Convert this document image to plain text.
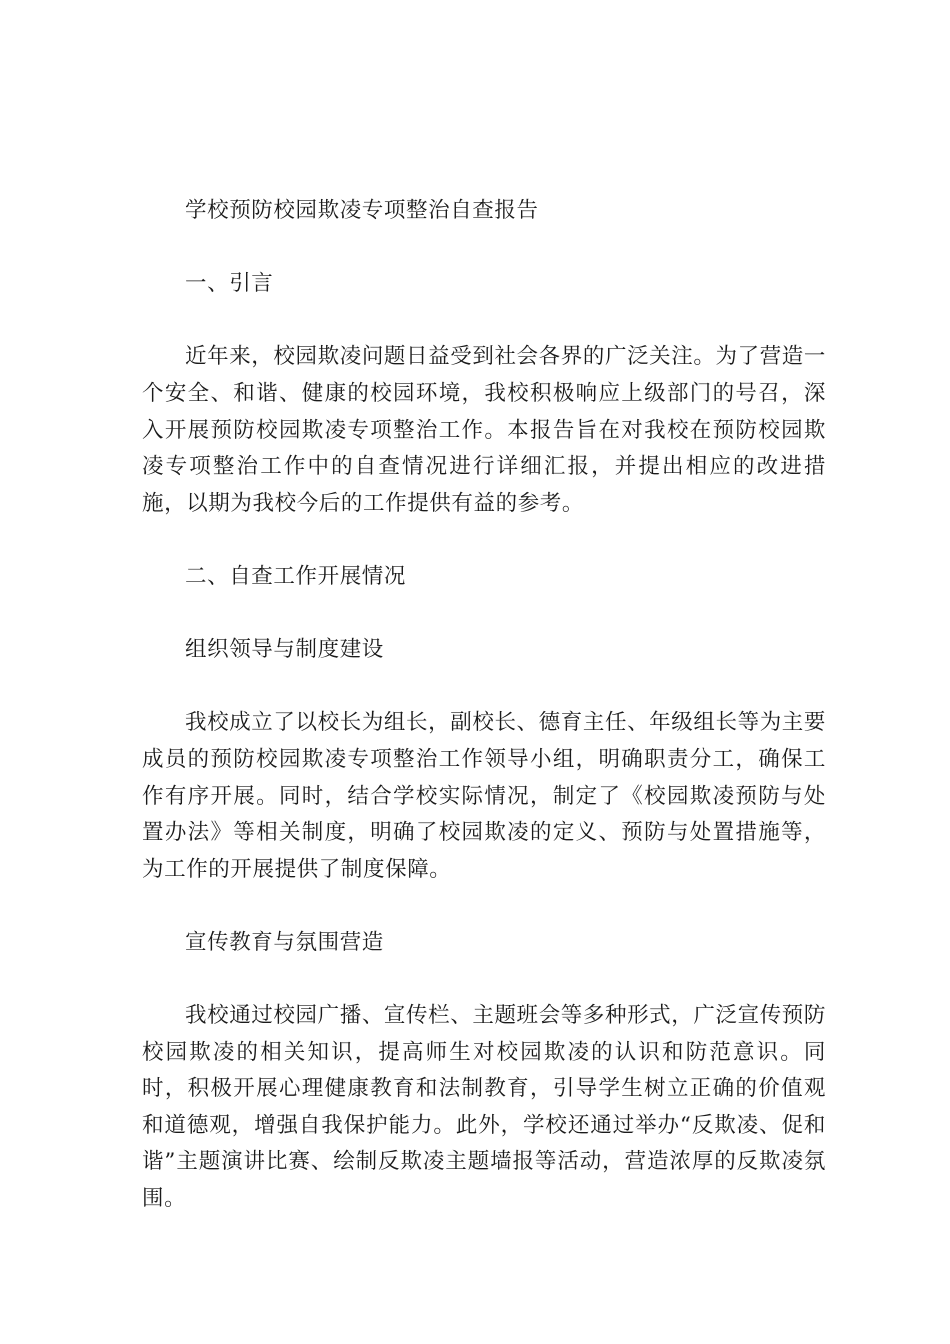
学校预防校园欺凌专项整治自查报告

一、引言

近年来，校园欺凌问题日益受到社会各界的广泛关注。为了营造一个安全、和谐、健康的校园环境，我校积极响应上级部门的号召，深入开展预防校园欺凌专项整治工作。本报告旨在对我校在预防校园欺凌专项整治工作中的自查情况进行详细汇报，并提出相应的改进措施，以期为我校今后的工作提供有益的参考。

二、自查工作开展情况

组织领导与制度建设

我校成立了以校长为组长，副校长、德育主任、年级组长等为主要成员的预防校园欺凌专项整治工作领导小组，明确职责分工，确保工作有序开展。同时，结合学校实际情况，制定了《校园欺凌预防与处置办法》等相关制度，明确了校园欺凌的定义、预防与处置措施等，为工作的开展提供了制度保障。

宣传教育与氛围营造

我校通过校园广播、宣传栏、主题班会等多种形式，广泛宣传预防校园欺凌的相关知识，提高师生对校园欺凌的认识和防范意识。同时，积极开展心理健康教育和法制教育，引导学生树立正确的价值观和道德观，增强自我保护能力。此外，学校还通过举办“反欺凌、促和谐”主题演讲比赛、绘制反欺凌主题墙报等活动，营造浓厚的反欺凌氛围。
